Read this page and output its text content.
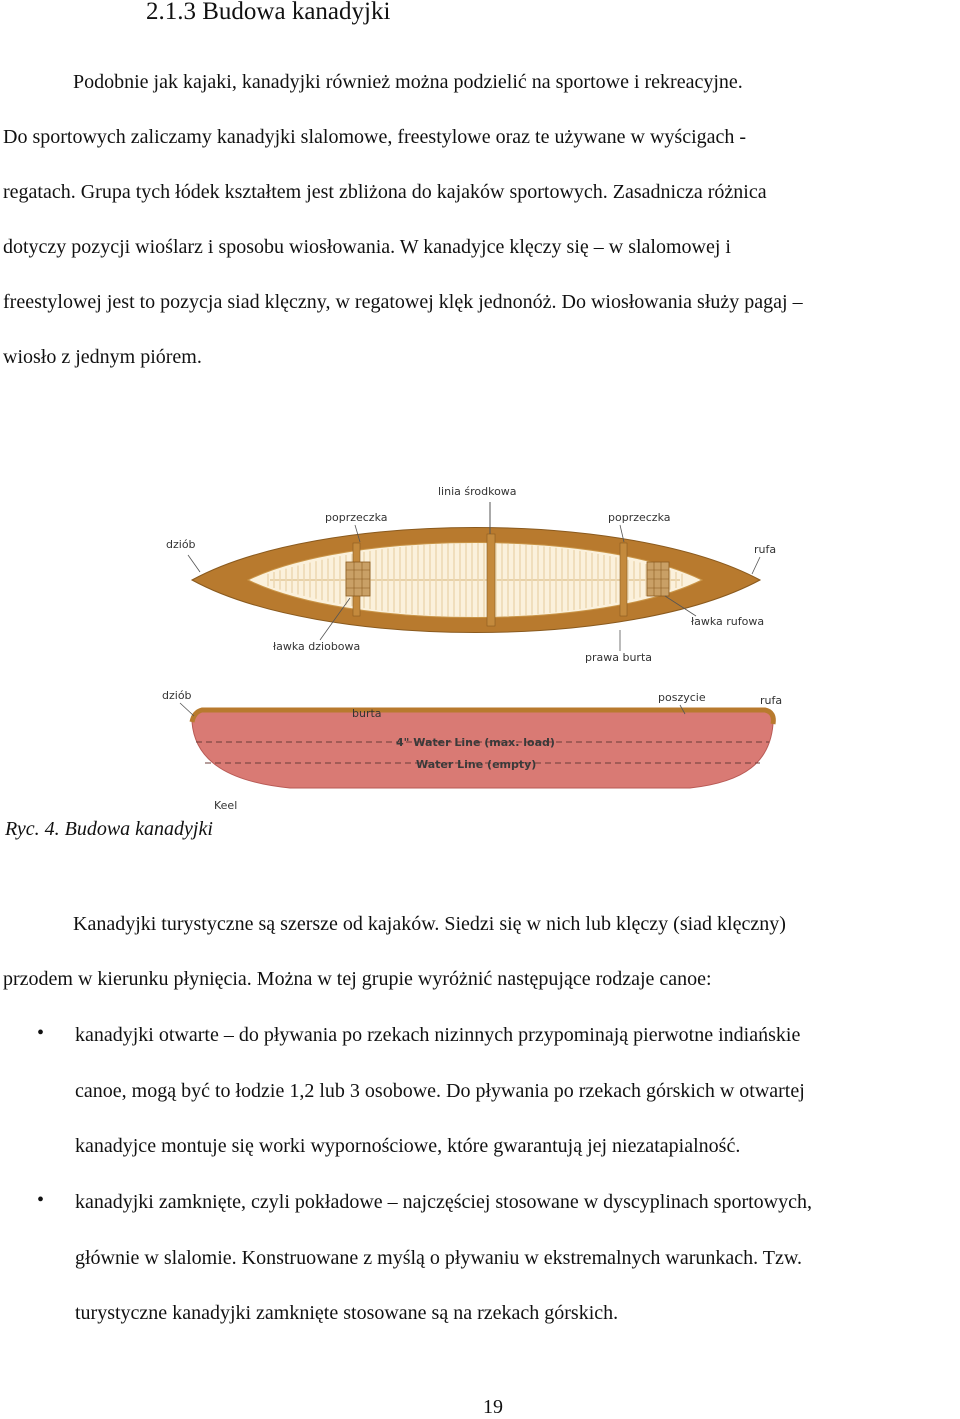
2.1.3 Budowa kanadyjki
Podobnie jak kajaki, kanadyjki również można podzielić na sportowe i rekreacyjne.
Do sportowych zaliczamy kanadyjki slalomowe, freestylowe oraz te używane w wyścigach -
regatach. Grupa tych łódek kształtem jest zbliżona do kajaków sportowych. Zasadnicza różnica
dotyczy pozycji wioślarz i sposobu wiosłowania. W kanadyjce klęczy się – w slalomowej i
freestylowej jest to pozycja siad klęczny, w regatowej klęk jednonóż. Do wiosłowania służy pagaj –
wiosło z jednym piórem.
linia środkowa
poprzeczka	poprzeczka
dziób	rufa
ławka dziobowa
ławka rufowa
prawa burta
4" Water Line (max. load)
Water Line (empty)
dziób
burta
poszycie	rufa
Keel
Ryc. 4. Budowa kanadyjki
Kanadyjki turystyczne są szersze od kajaków. Siedzi się w nich lub klęczy (siad klęczny)
przodem w kierunku płynięcia. Można w tej grupie wyróżnić następujące rodzaje canoe:
• kanadyjki otwarte – do pływania po rzekach nizinnych przypominają pierwotne indiańskie
canoe, mogą być to łodzie 1,2 lub 3 osobowe. Do pływania po rzekach górskich w otwartej
kanadyjce montuje się worki wypornościowe, które gwarantują jej niezatapialność.
• kanadyjki zamknięte, czyli pokładowe – najczęściej stosowane w dyscyplinach sportowych,
głównie w slalomie. Konstruowane z myślą o pływaniu w ekstremalnych warunkach. Tzw.
turystyczne kanadyjki zamknięte stosowane są na rzekach górskich.
19
